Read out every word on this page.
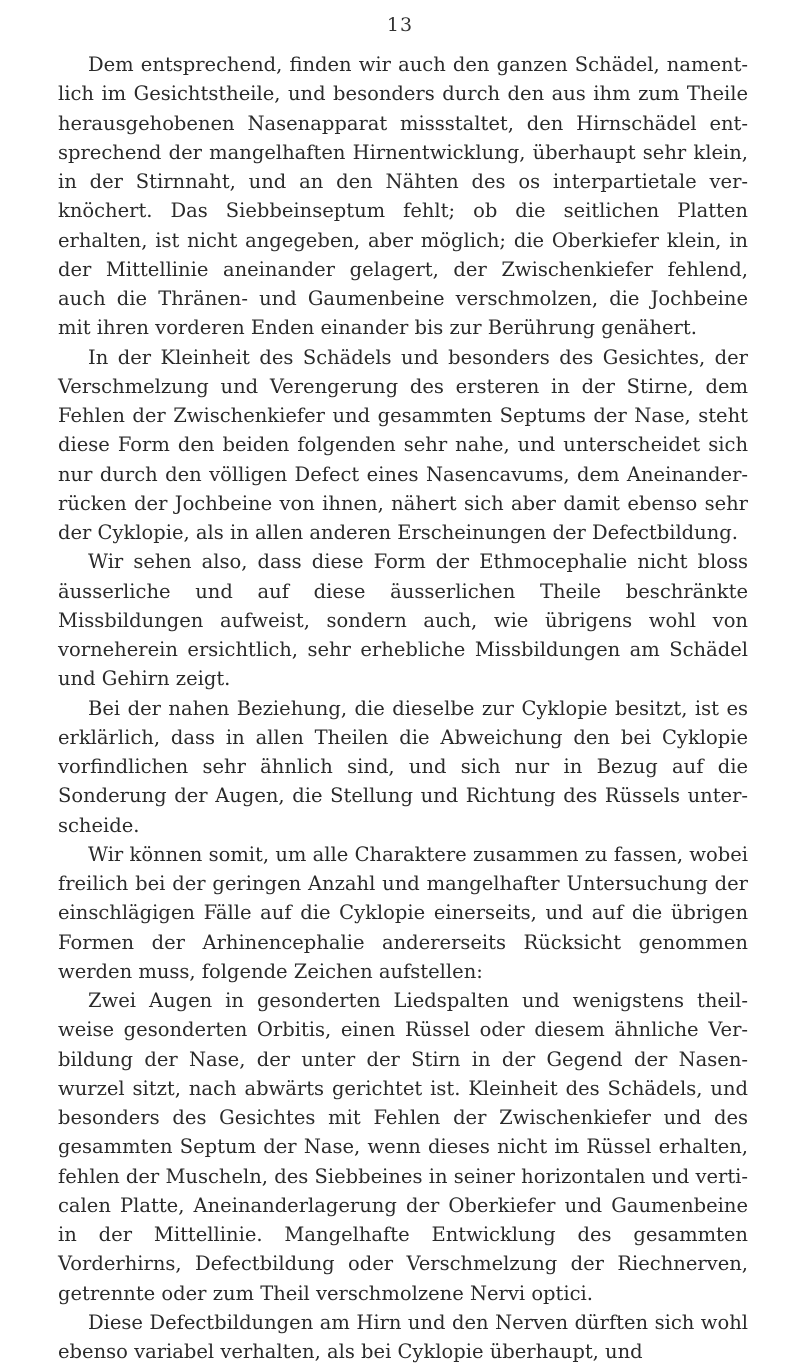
13

Dem entsprechend, finden wir auch den ganzen Schädel, namentlich im Gesichtstheile, und besonders durch den aus ihm zum Theile herausgehobenen Nasenapparat missstaltet, den Hirnschädel entsprechend der mangelhaften Hirnentwicklung, überhaupt sehr klein, in der Stirnnaht, und an den Nähten des os interpartietale verknöchert. Das Siebbeinseptum fehlt; ob die seitlichen Platten erhalten, ist nicht angegeben, aber möglich; die Oberkiefer klein, in der Mittellinie aneinander gelagert, der Zwischenkiefer fehlend, auch die Thränen- und Gaumenbeine verschmolzen, die Jochbeine mit ihren vorderen Enden einander bis zur Berührung genähert.

In der Kleinheit des Schädels und besonders des Gesichtes, der Verschmelzung und Verengerung des ersteren in der Stirne, dem Fehlen der Zwischenkiefer und gesammten Septums der Nase, steht diese Form den beiden folgenden sehr nahe, und unterscheidet sich nur durch den völligen Defect eines Nasencavums, dem Aneinanderrücken der Jochbeine von ihnen, nähert sich aber damit ebenso sehr der Cyklopie, als in allen anderen Erscheinungen der Defectbildung.

Wir sehen also, dass diese Form der Ethmocephalie nicht bloss äusserliche und auf diese äusserlichen Theile beschränkte Missbildungen aufweist, sondern auch, wie übrigens wohl von vorneherein ersichtlich, sehr erhebliche Missbildungen am Schädel und Gehirn zeigt.

Bei der nahen Beziehung, die dieselbe zur Cyklopie besitzt, ist es erklärlich, dass in allen Theilen die Abweichung den bei Cyklopie vorfindlichen sehr ähnlich sind, und sich nur in Bezug auf die Sonderung der Augen, die Stellung und Richtung des Rüssels unterscheide.

Wir können somit, um alle Charaktere zusammen zu fassen, wobei freilich bei der geringen Anzahl und mangelhafter Untersuchung der einschlägigen Fälle auf die Cyklopie einerseits, und auf die übrigen Formen der Arhinencephalie andererseits Rücksicht genommen werden muss, folgende Zeichen aufstellen:

Zwei Augen in gesonderten Liedspalten und wenigstens theilweise gesonderten Orbitis, einen Rüssel oder diesem ähnliche Verbildung der Nase, der unter der Stirn in der Gegend der Nasenwurzel sitzt, nach abwärts gerichtet ist. Kleinheit des Schädels, und besonders des Gesichtes mit Fehlen der Zwischenkiefer und des gesammten Septum der Nase, wenn dieses nicht im Rüssel erhalten, fehlen der Muscheln, des Siebbeines in seiner horizontalen und verticalen Platte, Aneinanderlagerung der Oberkiefer und Gaumenbeine in der Mittellinie. Mangelhafte Entwicklung des gesammten Vorderhirns, Defectbildung oder Verschmelzung der Riechnerven, getrennte oder zum Theil verschmolzene Nervi optici.

Diese Defectbildungen am Hirn und den Nerven dürften sich wohl ebenso variabel verhalten, als bei Cyklopie überhaupt, und
